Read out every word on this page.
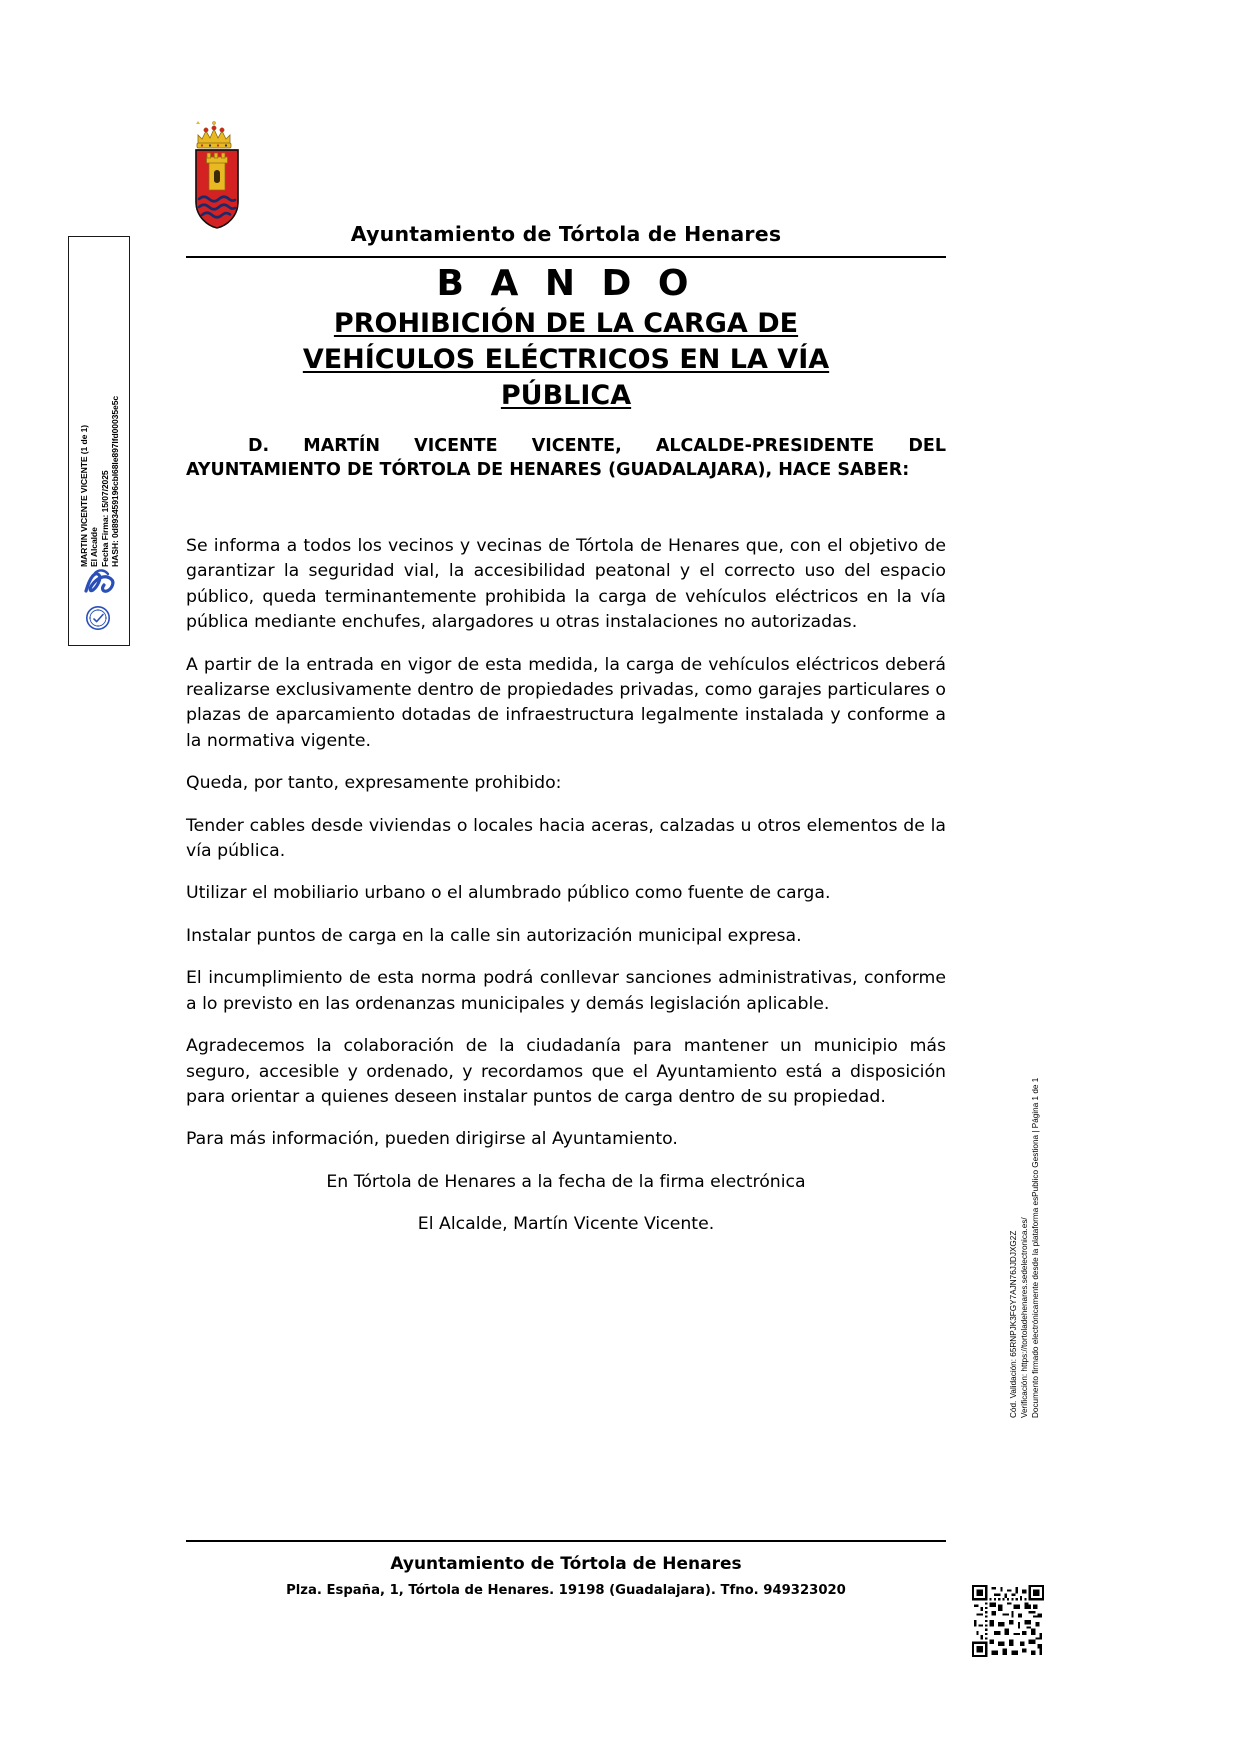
MARTIN VICENTE VICENTE (1 de 1) El Alcalde Fecha Firma: 15/07/2025 HASH: 0d893459196cbl68le897lfd00035e5c
Ayuntamiento de Tórtola de Henares
B A N D O
PROHIBICIÓN DE LA CARGA DE
VEHÍCULOS ELÉCTRICOS EN LA VÍA
PÚBLICA
D. MARTÍN VICENTE VICENTE, ALCALDE-PRESIDENTE DEL AYUNTAMIENTO DE TÓRTOLA DE HENARES (GUADALAJARA), HACE SABER:

Se informa a todos los vecinos y vecinas de Tórtola de Henares que, con el objetivo de garantizar la seguridad vial, la accesibilidad peatonal y el correcto uso del espacio público, queda terminantemente prohibida la carga de vehículos eléctricos en la vía pública mediante enchufes, alargadores u otras instalaciones no autorizadas.

A partir de la entrada en vigor de esta medida, la carga de vehículos eléctricos deberá realizarse exclusivamente dentro de propiedades privadas, como garajes particulares o plazas de aparcamiento dotadas de infraestructura legalmente instalada y conforme a la normativa vigente.

Queda, por tanto, expresamente prohibido:

Tender cables desde viviendas o locales hacia aceras, calzadas u otros elementos de la vía pública.

Utilizar el mobiliario urbano o el alumbrado público como fuente de carga.

Instalar puntos de carga en la calle sin autorización municipal expresa.

El incumplimiento de esta norma podrá conllevar sanciones administrativas, conforme a lo previsto en las ordenanzas municipales y demás legislación aplicable.

Agradecemos la colaboración de la ciudadanía para mantener un municipio más seguro, accesible y ordenado, y recordamos que el Ayuntamiento está a disposición para orientar a quienes deseen instalar puntos de carga dentro de su propiedad.

Para más información, pueden dirigirse al Ayuntamiento.

En Tórtola de Henares a la fecha de la firma electrónica

El Alcalde, Martín Vicente Vicente.

Ayuntamiento de Tórtola de Henares
Plza. España, 1, Tórtola de Henares. 19198 (Guadalajara). Tfno. 949323020
Cód. Validación: 65RNPJK3FGY7AJN76JJDJXG2Z Verificación: https://tortoladehenares.sedelectronica.es/ Documento firmado electrónicamente desde la plataforma esPublico Gestiona | Página 1 de 1
